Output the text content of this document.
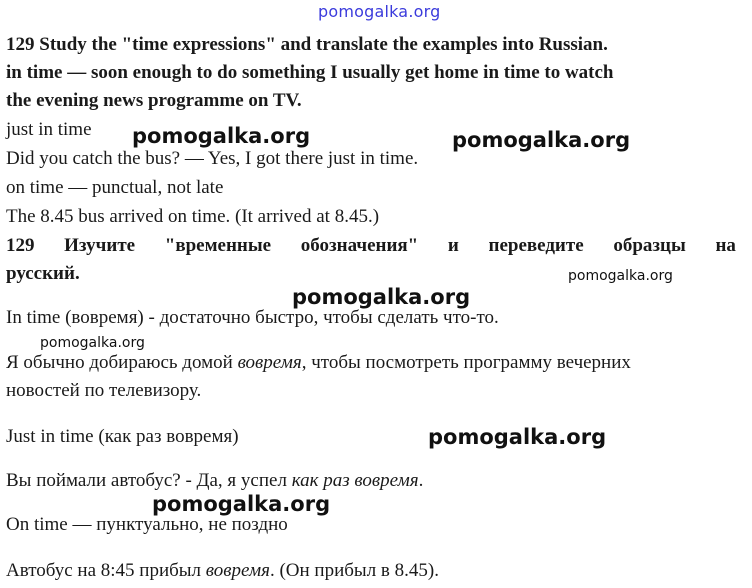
pomogalka.org
129 Study the "time expressions" and translate the examples into Russian.
in time — soon enough to do something I usually get home in time to watch
the evening news programme on TV.
just in time
Did you catch the bus? — Yes, I got there just in time.
on time — punctual, not late
The 8.45 bus arrived on time. (It arrived at 8.45.)
129 Изучите "временные обозначения" и переведите образцы на
русский.
In time (вовремя) - достаточно быстро, чтобы сделать что-то.
Я обычно добираюсь домой вовремя, чтобы посмотреть программу вечерних
новостей по телевизору.
Just in time (как раз вовремя)
Вы поймали автобус? - Да, я успел как раз вовремя.
On time — пунктуально, не поздно
Автобус на 8:45 прибыл вовремя. (Он прибыл в 8.45).
pomogalka.org	pomogalka.org
pomogalka.org
pomogalka.org
pomogalka.org
pomogalka.org
pomogalka.org
